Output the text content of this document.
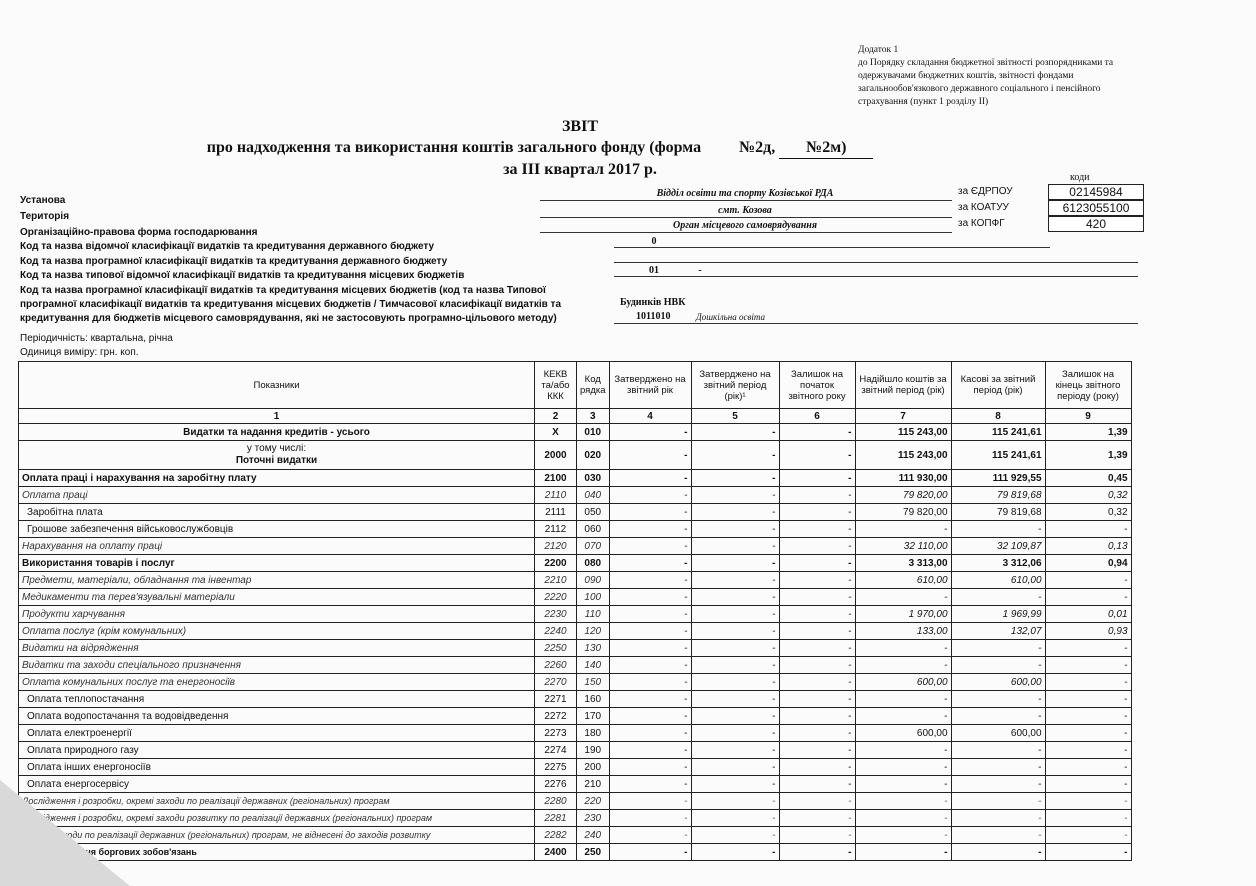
Додаток 1
до Порядку складання бюджетної звітності розпорядниками та
одержувачами бюджетних коштів, звітності фондами
загальнообов'язкового державного соціального і пенсійного
страхування (пункт 1 розділу ІІ)
ЗВІТ
про надходження та використання коштів загального фонду (форма №2д, №2м)
за ІІІ квартал 2017 р.	коди
за ЄДРПОУ	02145984
за КОАТУУ	6123055100
за КОПФГ	420
Установа
Відділ освіти та спорту Козівської РДА
Територія
смт. Козова
Організаційно-правова форма господарювання
Орган місцевого самоврядування
Код та назва відомчої класифікації видатків та кредитування державного бюджету	0
Код та назва програмної класифікації видатків та кредитування державного бюджету
Код та назва типової відомчої класифікації видатків та кредитування місцевих бюджетів	01	-
Код та назва програмної класифікації видатків та кредитування місцевих бюджетів (код та назва Типової
програмної класифікації видатків та кредитування місцевих бюджетів / Тимчасової класифікації видатків та
кредитування для бюджетів місцевого самоврядування, які не застосовують програмно-цільового методу)
Будинків НВК
1011010	Дошкільна освіта
Періодичність: квартальна, річна
Одиниця виміру: грн. коп.
Показники	КЕКВ та/або ККК	Код рядка	Затверджено на звітний рік	Затверджено на звітний період (рік)¹	Залишок на початок звітного року	Надійшло коштів за звітний період (рік)	Касові за звітний період (рік)	Залишок на кінець звітного періоду (року)
1	2	3	4	5	6	7	8	9
Видатки та надання кредитів - усього	X	010	-	-	-	115 243,00	115 241,61	1,39

у тому числі:
Поточні видатки	2000	020	-	-	-	115 243,00	115 241,61	1,39
Оплата праці і нарахування на заробітну плату	2100	030	-	-	-	111 930,00	111 929,55	0,45
Оплата праці	2110	040	-	-	-	79 820,00	79 819,68	0,32
Заробітна плата	2111	050	-	-	-	79 820,00	79 819,68	0,32
Грошове забезпечення військовослужбовців	2112	060	-	-	-	-	-	-
Нарахування на оплату праці	2120	070	-	-	-	32 110,00	32 109,87	0,13
Використання товарів і послуг	2200	080	-	-	-	3 313,00	3 312,06	0,94
Предмети, матеріали, обладнання та інвентар	2210	090	-	-	-	610,00	610,00	-
Медикаменти та перев'язувальні матеріали	2220	100	-	-	-	-	-	-
Продукти харчування	2230	110	-	-	-	1 970,00	1 969,99	0,01
Оплата послуг (крім комунальних)	2240	120	-	-	-	133,00	132,07	0,93
Видатки на відрядження	2250	130	-	-	-	-	-	-
Видатки та заходи спеціального призначення	2260	140	-	-	-	-	-	-
Оплата комунальних послуг та енергоносіїв	2270	150	-	-	-	600,00	600,00	-
Оплата теплопостачання	2271	160	-	-	-	-	-	-
Оплата водопостачання та водовідведення	2272	170	-	-	-	-	-	-
Оплата електроенергії	2273	180	-	-	-	600,00	600,00	-
Оплата природного газу	2274	190	-	-	-	-	-	-
Оплата інших енергоносіїв	2275	200	-	-	-	-	-	-
Оплата енергосервісу	2276	210	-	-	-	-	-	-
Дослідження і розробки, окремі заходи по реалізації державних (регіональних) програм	2280	220	-	-	-	-	-	-
Дослідження і розробки, окремі заходи розвитку по реалізації державних (регіональних) програм	2281	230	-	-	-	-	-	-
Окремі заходи по реалізації державних (регіональних) програм, не віднесені до заходів розвитку	2282	240	-	-	-	-	-	-
Обслуговування боргових зобов'язань	2400	250	-	-	-	-	-	-
